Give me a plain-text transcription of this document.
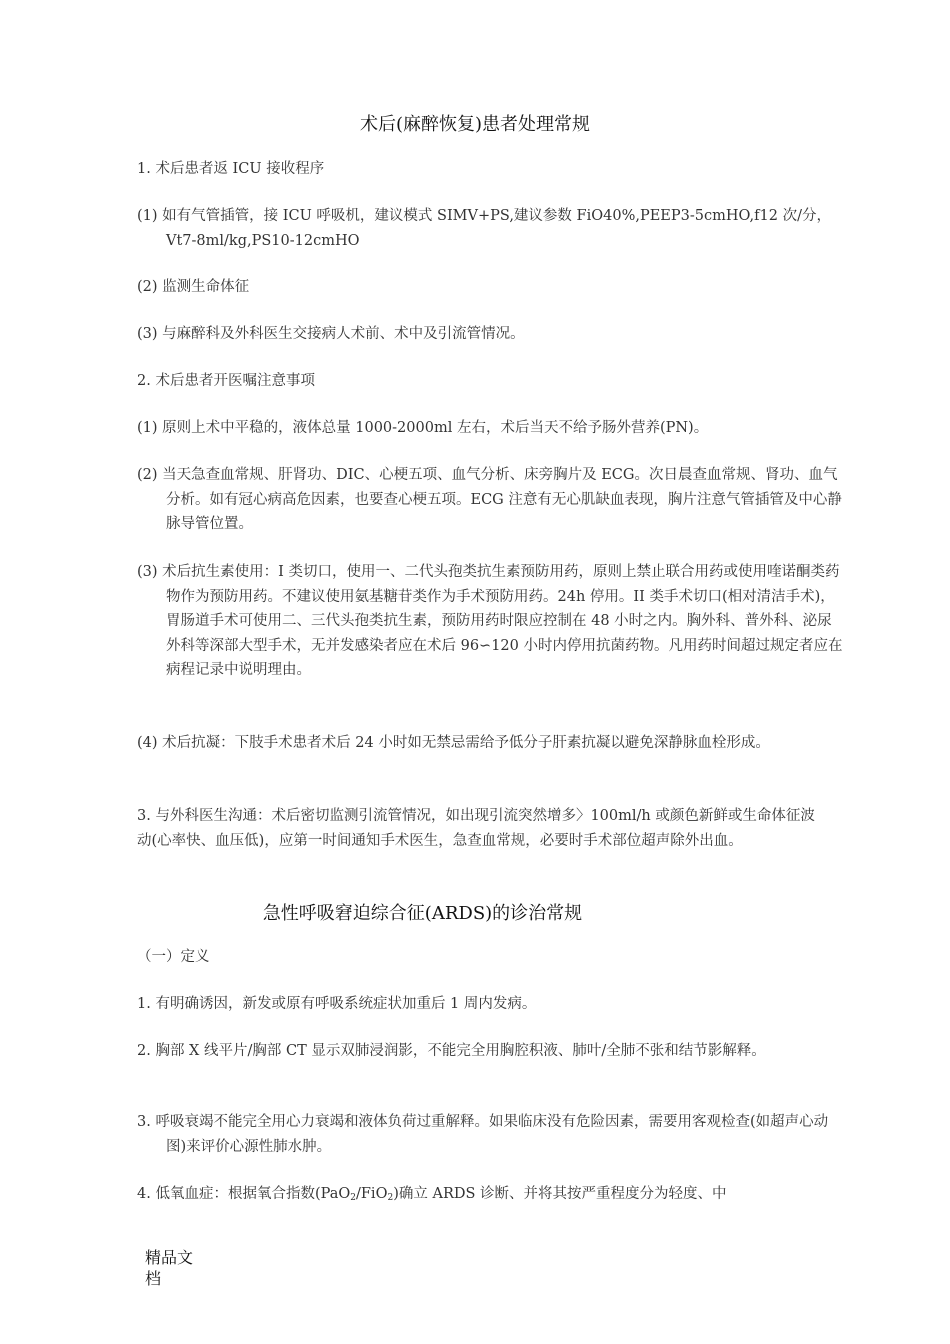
术后(麻醉恢复)患者处理常规

1. 术后患者返 ICU 接收程序

(1) 如有气管插管，接 ICU 呼吸机，建议模式 SIMV+PS,建议参数 FiO40%,PEEP3-5cmHO,f12 次/分，Vt7-8ml/kg,PS10-12cmHO

(2) 监测生命体征

(3) 与麻醉科及外科医生交接病人术前、术中及引流管情况。

2. 术后患者开医嘱注意事项

(1) 原则上术中平稳的，液体总量 1000-2000ml 左右，术后当天不给予肠外营养(PN)。

(2) 当天急查血常规、肝肾功、DIC、心梗五项、血气分析、床旁胸片及 ECG。次日晨查血常规、肾功、血气分析。如有冠心病高危因素，也要查心梗五项。ECG 注意有无心肌缺血表现，胸片注意气管插管及中心静脉导管位置。

(3) 术后抗生素使用：I 类切口，使用一、二代头孢类抗生素预防用药，原则上禁止联合用药或使用喹诺酮类药物作为预防用药。不建议使用氨基糖苷类作为手术预防用药。24h 停用。II 类手术切口(相对清洁手术)，胃肠道手术可使用二、三代头孢类抗生素，预防用药时限应控制在 48 小时之内。胸外科、普外科、泌尿外科等深部大型手术，无并发感染者应在术后 96∽120 小时内停用抗菌药物。凡用药时间超过规定者应在病程记录中说明理由。

(4) 术后抗凝：下肢手术患者术后 24 小时如无禁忌需给予低分子肝素抗凝以避免深静脉血栓形成。

3. 与外科医生沟通：术后密切监测引流管情况，如出现引流突然增多〉100ml/h 或颜色新鲜或生命体征波动(心率快、血压低)，应第一时间通知手术医生，急查血常规，必要时手术部位超声除外出血。

急性呼吸窘迫综合征(ARDS)的诊治常规

（一）定义

1. 有明确诱因，新发或原有呼吸系统症状加重后 1 周内发病。

2. 胸部 X 线平片/胸部 CT 显示双肺浸润影，不能完全用胸腔积液、肺叶/全肺不张和结节影解释。

3. 呼吸衰竭不能完全用心力衰竭和液体负荷过重解释。如果临床没有危险因素，需要用客观检查(如超声心动图)来评价心源性肺水肿。

4. 低氧血症：根据氧合指数(PaO$_2$/FiO$_2$)确立 ARDS 诊断、并将其按严重程度分为轻度、中

精品文档
